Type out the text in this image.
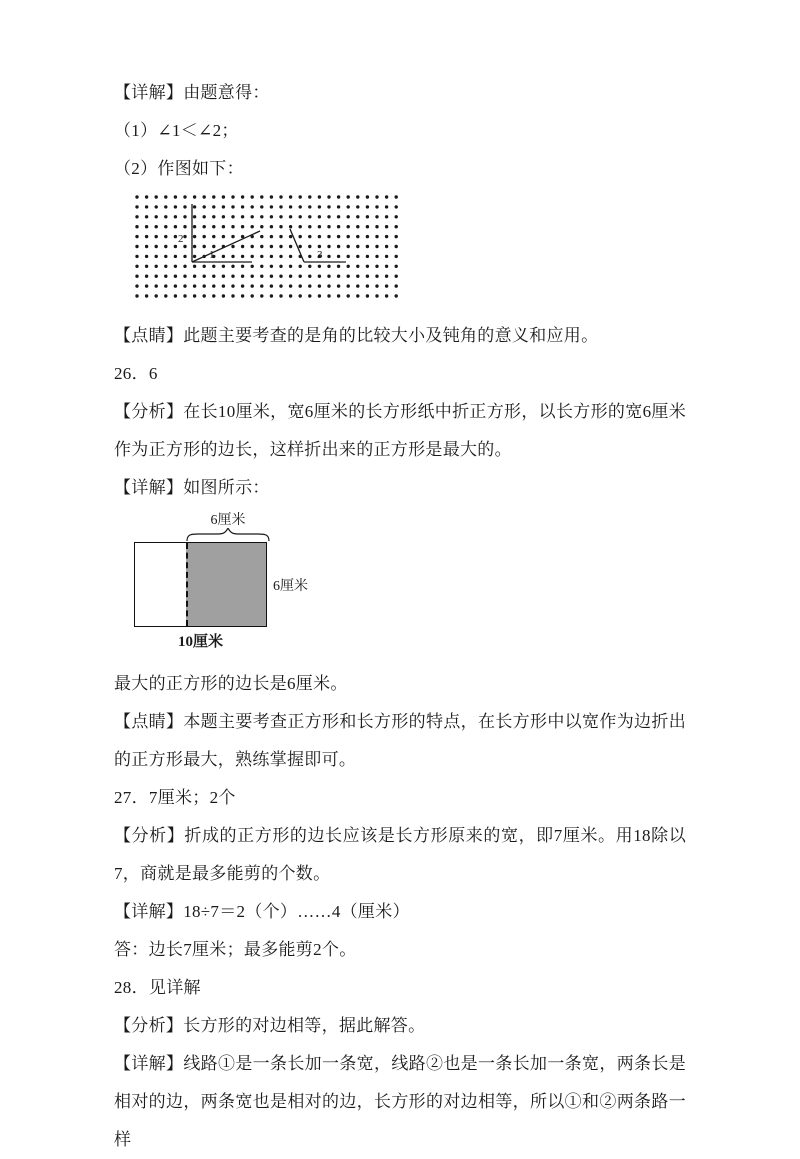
【详解】由题意得：

（1）∠1＜∠2；

（2）作图如下：

2
1	3

【点睛】此题主要考查的是角的比较大小及钝角的意义和应用。

26．6

【分析】在长10厘米，宽6厘米的长方形纸中折正方形，以长方形的宽6厘米作为正方形的边长，这样折出来的正方形是最大的。

【详解】如图所示：

6厘米
6厘米
10厘米

最大的正方形的边长是6厘米。

【点睛】本题主要考查正方形和长方形的特点，在长方形中以宽作为边折出的正方形最大，熟练掌握即可。

27．7厘米；2个

【分析】折成的正方形的边长应该是长方形原来的宽，即7厘米。用18除以7，商就是最多能剪的个数。

【详解】18÷7＝2（个）……4（厘米）

答：边长7厘米；最多能剪2个。

28．见详解

【分析】长方形的对边相等，据此解答。

【详解】线路①是一条长加一条宽，线路②也是一条长加一条宽，两条长是相对的边，两条宽也是相对的边，长方形的对边相等，所以①和②两条路一样
